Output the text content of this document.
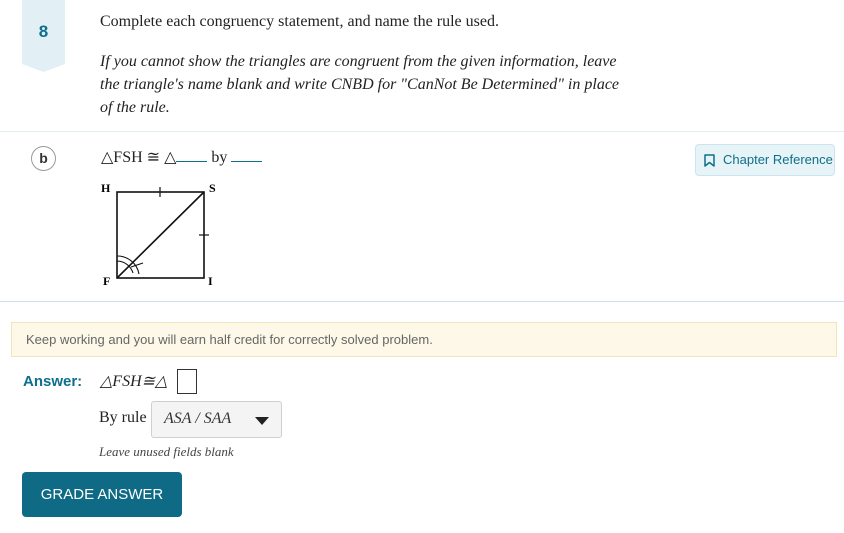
8
Complete each congruency statement, and name the rule used.
If you cannot show the triangles are congruent from the given information, leave the triangle's name blank and write CNBD for "CanNot Be Determined" in place of the rule.
b	△FSH ≅ △ by	Chapter Reference
H	S
F	I
Keep working and you will earn half credit for correctly solved problem.
Answer: △FSH≅△
By rule ASA / SAA
Leave unused fields blank
GRADE ANSWER
